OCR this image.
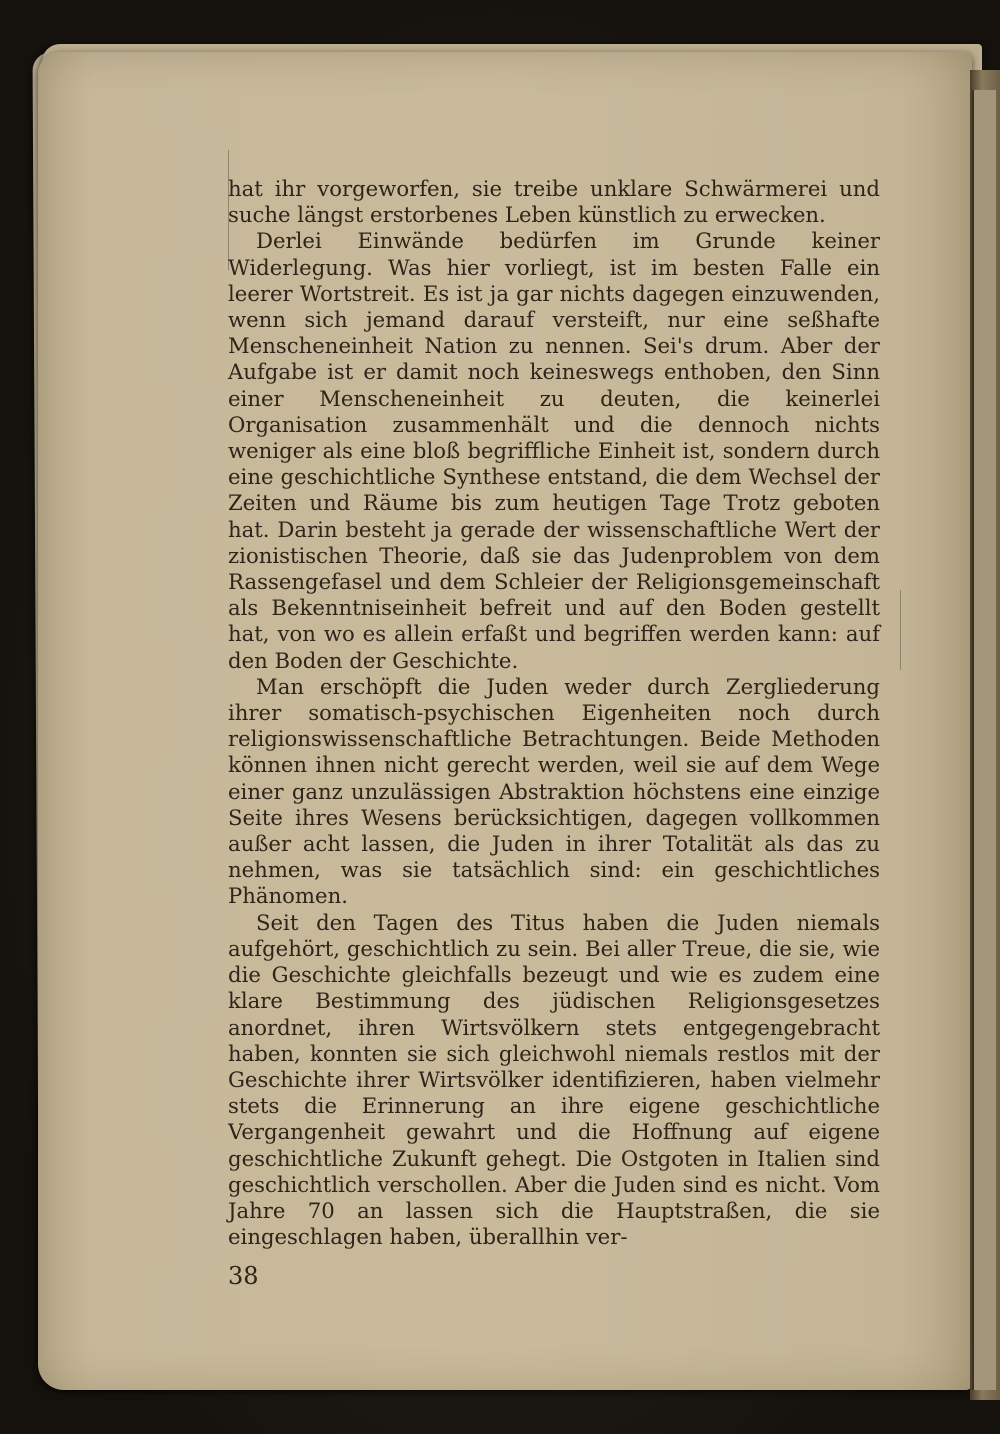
hat ihr vorgeworfen, sie treibe unklare Schwärmerei und suche längst erstorbenes Leben künstlich zu erwecken.

Derlei Einwände bedürfen im Grunde keiner Widerlegung. Was hier vorliegt, ist im besten Falle ein leerer Wortstreit. Es ist ja gar nichts dagegen einzuwenden, wenn sich jemand darauf versteift, nur eine seßhafte Menscheneinheit Nation zu nennen. Sei's drum. Aber der Aufgabe ist er damit noch keineswegs enthoben, den Sinn einer Menscheneinheit zu deuten, die keinerlei Organisation zusammenhält und die dennoch nichts weniger als eine bloß begriffliche Einheit ist, sondern durch eine geschichtliche Synthese entstand, die dem Wechsel der Zeiten und Räume bis zum heutigen Tage Trotz geboten hat. Darin besteht ja gerade der wissenschaftliche Wert der zionistischen Theorie, daß sie das Judenproblem von dem Rassengefasel und dem Schleier der Religionsgemeinschaft als Bekenntniseinheit befreit und auf den Boden gestellt hat, von wo es allein erfaßt und begriffen werden kann: auf den Boden der Geschichte.

Man erschöpft die Juden weder durch Zergliederung ihrer somatisch-psychischen Eigenheiten noch durch religionswissenschaftliche Betrachtungen. Beide Methoden können ihnen nicht gerecht werden, weil sie auf dem Wege einer ganz unzulässigen Abstraktion höchstens eine einzige Seite ihres Wesens berücksichtigen, dagegen vollkommen außer acht lassen, die Juden in ihrer Totalität als das zu nehmen, was sie tatsächlich sind: ein geschichtliches Phänomen.

Seit den Tagen des Titus haben die Juden niemals aufgehört, geschichtlich zu sein. Bei aller Treue, die sie, wie die Geschichte gleichfalls bezeugt und wie es zudem eine klare Bestimmung des jüdischen Religionsgesetzes anordnet, ihren Wirtsvölkern stets entgegengebracht haben, konnten sie sich gleichwohl niemals restlos mit der Geschichte ihrer Wirtsvölker identifizieren, haben vielmehr stets die Erinnerung an ihre eigene geschichtliche Vergangenheit gewahrt und die Hoffnung auf eigene geschichtliche Zukunft gehegt. Die Ostgoten in Italien sind geschichtlich verschollen. Aber die Juden sind es nicht. Vom Jahre 70 an lassen sich die Hauptstraßen, die sie eingeschlagen haben, überallhin ver-

38
